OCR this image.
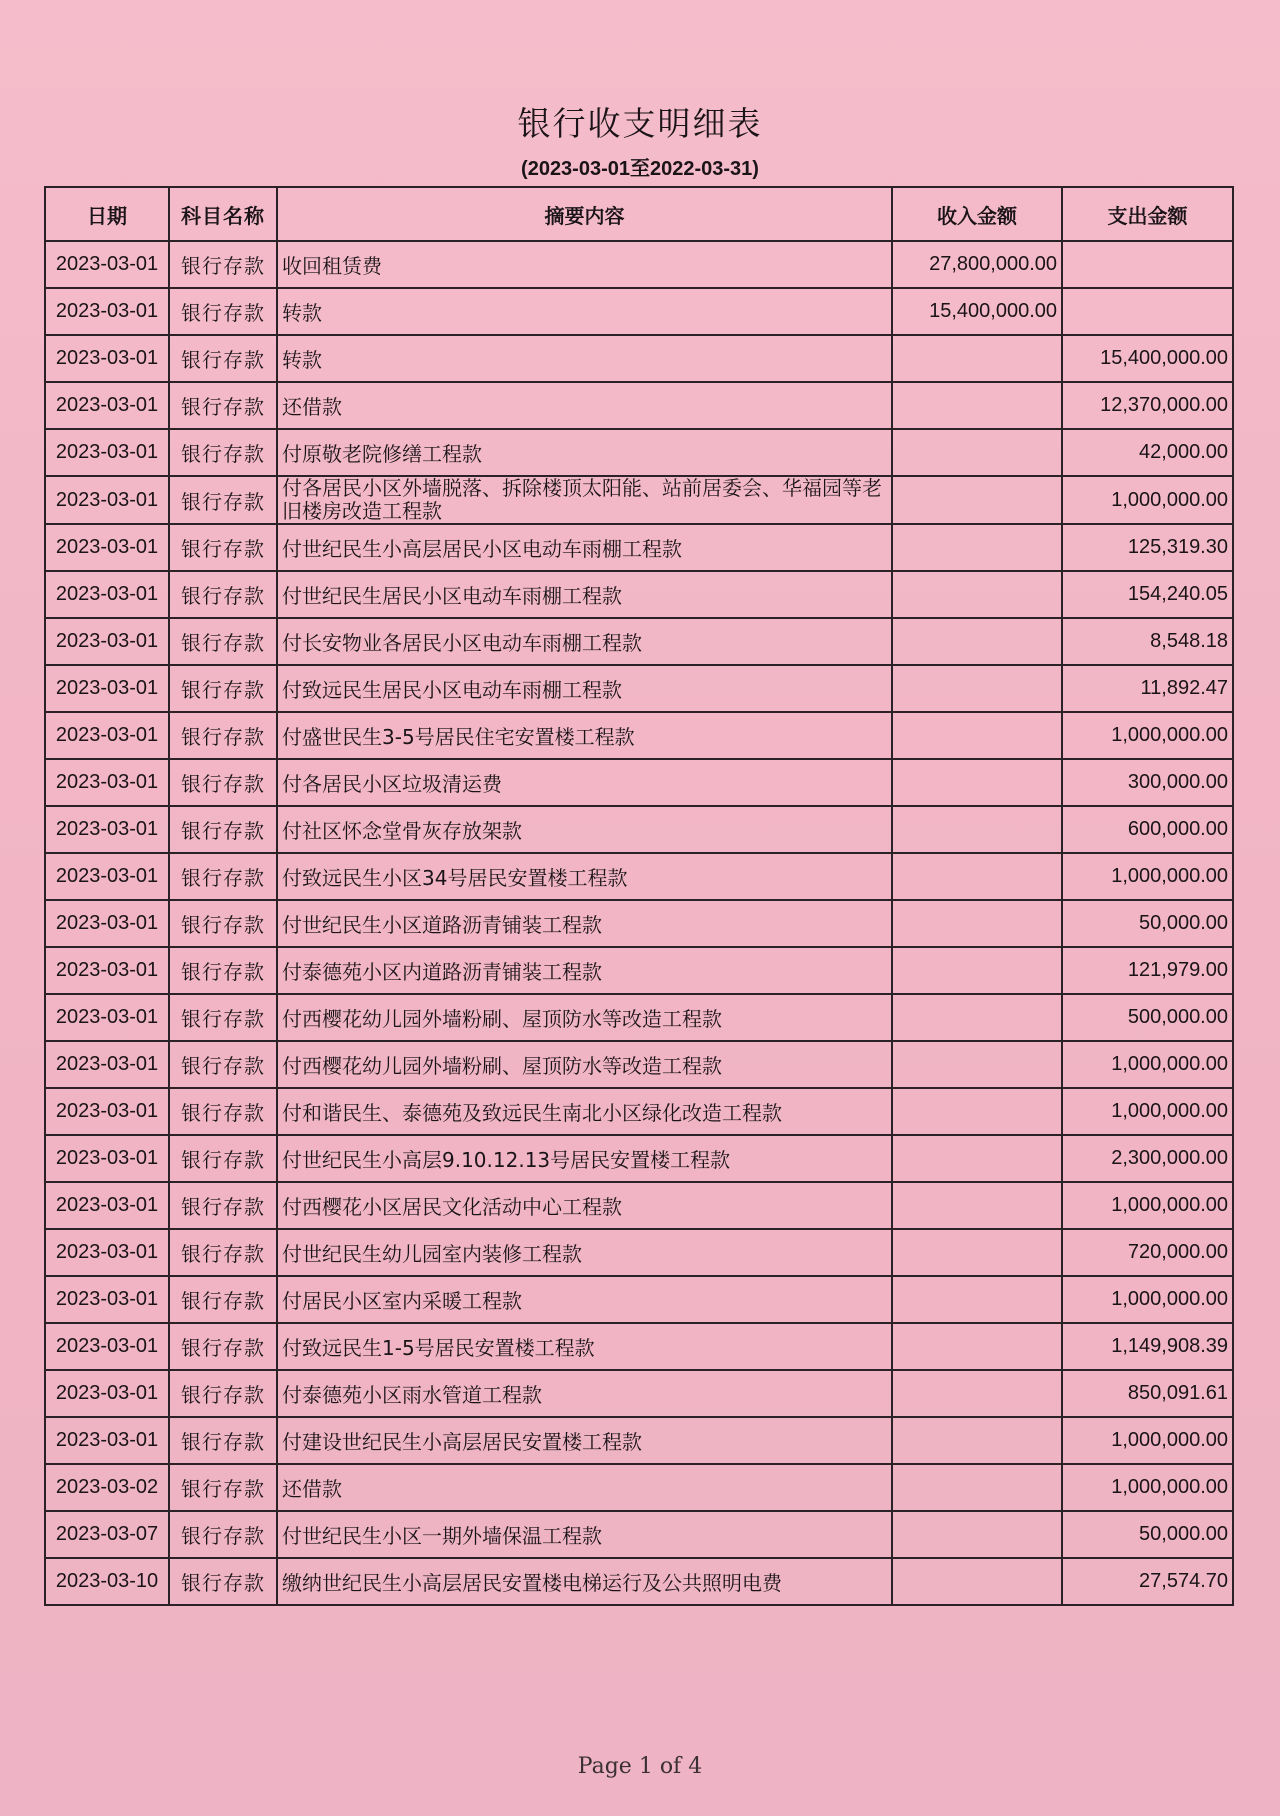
银行收支明细表
(2023-03-01至2022-03-31)
日期	科目名称	摘要内容	收入金额	支出金额
2023-03-01	银行存款	收回租赁费	27,800,000.00	
2023-03-01	银行存款	转款	15,400,000.00	
2023-03-01	银行存款	转款		15,400,000.00
2023-03-01	银行存款	还借款		12,370,000.00
2023-03-01	银行存款	付原敬老院修缮工程款		42,000.00
2023-03-01	银行存款	付各居民小区外墙脱落、拆除楼顶太阳能、站前居委会、华福园等老旧楼房改造工程款		1,000,000.00
2023-03-01	银行存款	付世纪民生小高层居民小区电动车雨棚工程款		125,319.30
2023-03-01	银行存款	付世纪民生居民小区电动车雨棚工程款		154,240.05
2023-03-01	银行存款	付长安物业各居民小区电动车雨棚工程款		8,548.18
2023-03-01	银行存款	付致远民生居民小区电动车雨棚工程款		11,892.47
2023-03-01	银行存款	付盛世民生3-5号居民住宅安置楼工程款		1,000,000.00
2023-03-01	银行存款	付各居民小区垃圾清运费		300,000.00
2023-03-01	银行存款	付社区怀念堂骨灰存放架款		600,000.00
2023-03-01	银行存款	付致远民生小区34号居民安置楼工程款		1,000,000.00
2023-03-01	银行存款	付世纪民生小区道路沥青铺装工程款		50,000.00
2023-03-01	银行存款	付泰德苑小区内道路沥青铺装工程款		121,979.00
2023-03-01	银行存款	付西樱花幼儿园外墙粉刷、屋顶防水等改造工程款		500,000.00
2023-03-01	银行存款	付西樱花幼儿园外墙粉刷、屋顶防水等改造工程款		1,000,000.00
2023-03-01	银行存款	付和谐民生、泰德苑及致远民生南北小区绿化改造工程款		1,000,000.00
2023-03-01	银行存款	付世纪民生小高层9.10.12.13号居民安置楼工程款		2,300,000.00
2023-03-01	银行存款	付西樱花小区居民文化活动中心工程款		1,000,000.00
2023-03-01	银行存款	付世纪民生幼儿园室内装修工程款		720,000.00
2023-03-01	银行存款	付居民小区室内采暖工程款		1,000,000.00
2023-03-01	银行存款	付致远民生1-5号居民安置楼工程款		1,149,908.39
2023-03-01	银行存款	付泰德苑小区雨水管道工程款		850,091.61
2023-03-01	银行存款	付建设世纪民生小高层居民安置楼工程款		1,000,000.00
2023-03-02	银行存款	还借款		1,000,000.00
2023-03-07	银行存款	付世纪民生小区一期外墙保温工程款		50,000.00
2023-03-10	银行存款	缴纳世纪民生小高层居民安置楼电梯运行及公共照明电费		27,574.70
Page 1 of 4
